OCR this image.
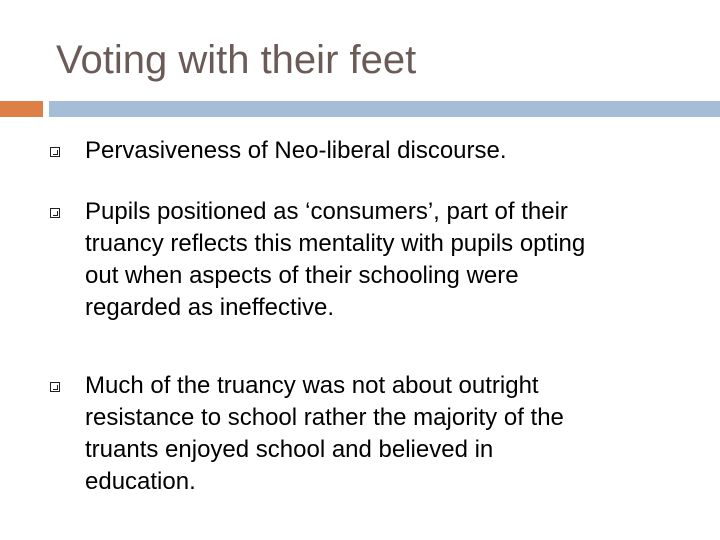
Voting with their feet
Pervasiveness of Neo-liberal discourse.
Pupils positioned as ‘consumers’, part of their
truancy reflects this mentality with pupils opting
out when aspects of their schooling were
regarded as ineffective.
Much of the truancy was not about outright
resistance to school rather the majority of the
truants enjoyed school and believed in
education.
